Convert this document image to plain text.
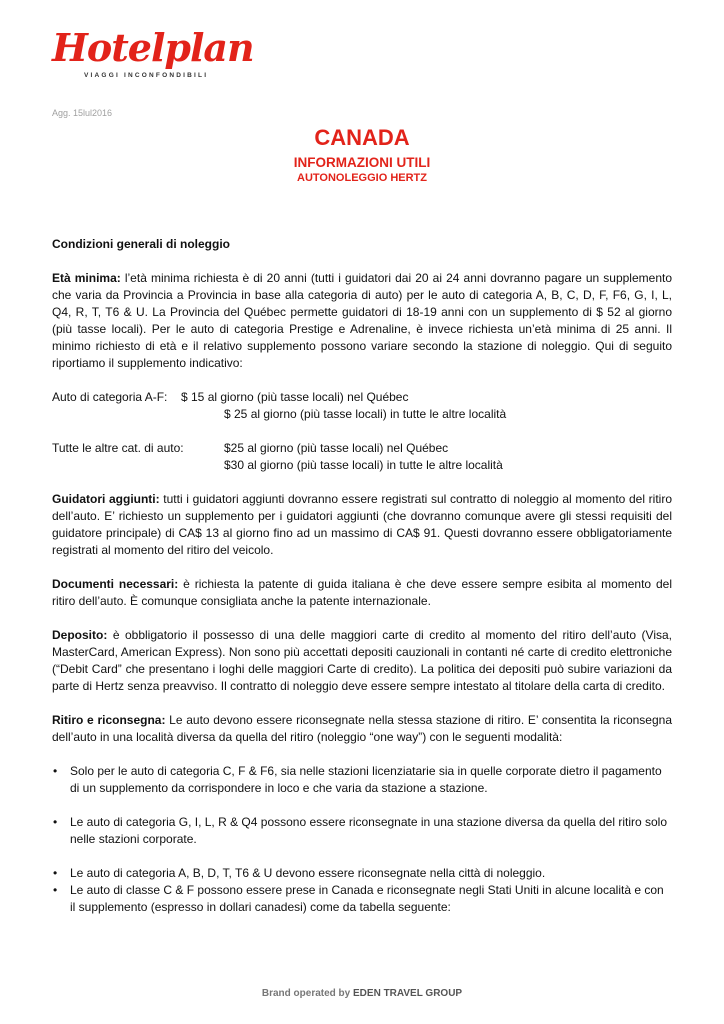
Hotelplan
VIAGGI INCONFONDIBILI
Agg. 15lul2016
CANADA
INFORMAZIONI UTILI
AUTONOLEGGIO HERTZ

Condizioni generali di noleggio

Età minima: l’età minima richiesta è di 20 anni (tutti i guidatori dai 20 ai 24 anni dovranno pagare un supplemento che varia da Provincia a Provincia in base alla categoria di auto) per le auto di categoria A, B, C, D, F, F6, G, I, L, Q4, R, T, T6 & U. La Provincia del Québec permette guidatori di 18-19 anni con un supplemento di $ 52 al giorno (più tasse locali). Per le auto di categoria Prestige e Adrenaline, è invece richiesta un’età minima di 25 anni. Il minimo richiesto di età e il relativo supplemento possono variare secondo la stazione di noleggio. Qui di seguito riportiamo il supplemento indicativo:

Auto di categoria A-F:	$ 15 al giorno (più tasse locali) nel Québec
$ 25 al giorno (più tasse locali) in tutte le altre località
Tutte le altre cat. di auto:	$25 al giorno (più tasse locali) nel Québec
$30 al giorno (più tasse locali) in tutte le altre località

Guidatori aggiunti: tutti i guidatori aggiunti dovranno essere registrati sul contratto di noleggio al momento del ritiro dell’auto. E’ richiesto un supplemento per i guidatori aggiunti (che dovranno comunque avere gli stessi requisiti del guidatore principale) di CA$ 13 al giorno fino ad un massimo di CA$ 91. Questi dovranno essere obbligatoriamente registrati al momento del ritiro del veicolo.

Documenti necessari: è richiesta la patente di guida italiana è che deve essere sempre esibita al momento del ritiro dell’auto. È comunque consigliata anche la patente internazionale.

Deposito: è obbligatorio il possesso di una delle maggiori carte di credito al momento del ritiro dell’auto (Visa, MasterCard, American Express). Non sono più accettati depositi cauzionali in contanti né carte di credito elettroniche (“Debit Card” che presentano i loghi delle maggiori Carte di credito). La politica dei depositi può subire variazioni da parte di Hertz senza preavviso. Il contratto di noleggio deve essere sempre intestato al titolare della carta di credito.

Ritiro e riconsegna: Le auto devono essere riconsegnate nella stessa stazione di ritiro. E’ consentita la riconsegna dell’auto in una località diversa da quella del ritiro (noleggio “one way”) con le seguenti modalità:

• Solo per le auto di categoria C, F & F6, sia nelle stazioni licenziatarie sia in quelle corporate dietro il pagamento di un supplemento da corrispondere in loco e che varia da stazione a stazione.
• Le auto di categoria G, I, L, R & Q4 possono essere riconsegnate in una stazione diversa da quella del ritiro solo nelle stazioni corporate.
• Le auto di categoria A, B, D, T, T6 & U devono essere riconsegnate nella città di noleggio.
• Le auto di classe C & F possono essere prese in Canada e riconsegnate negli Stati Uniti in alcune località e con il supplemento (espresso in dollari canadesi) come da tabella seguente:
Brand operated by EDEN TRAVEL GROUP
